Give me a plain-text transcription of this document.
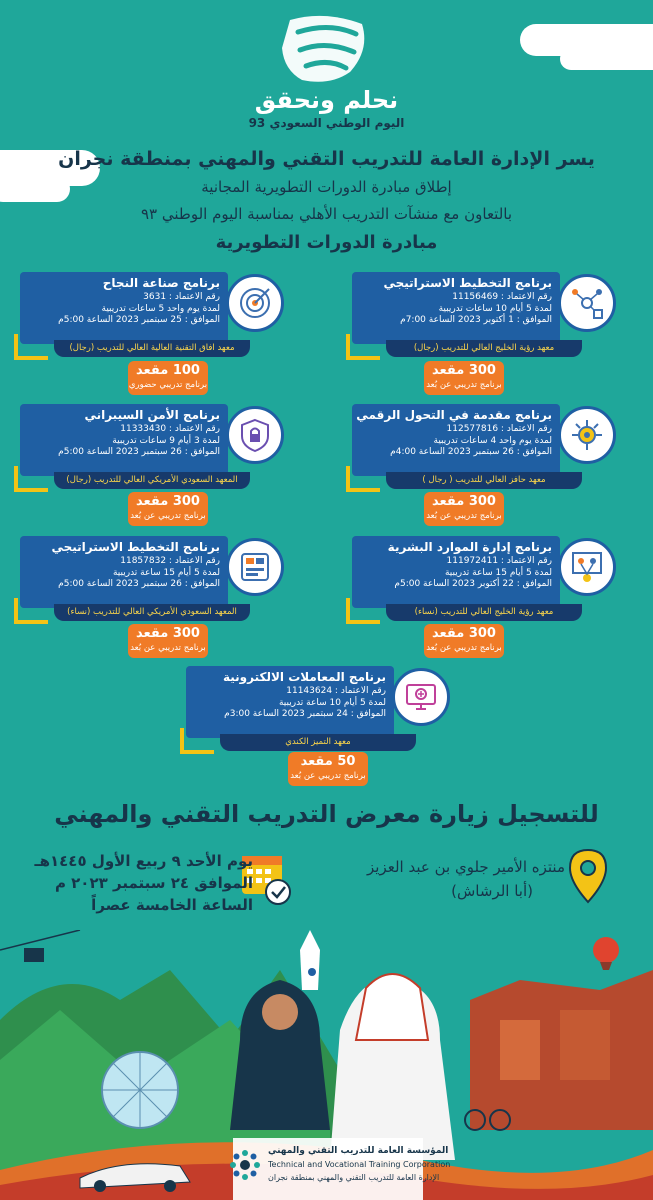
نحلم ونحقق
اليوم الوطني السعودي 93
يسر الإدارة العامة للتدريب التقني والمهني بمنطقة نجران
إطلاق مبادرة الدورات التطويرية المجانية
بالتعاون مع منشآت التدريب الأهلي بمناسبة اليوم الوطني ٩٣
مبادرة الدورات التطويرية
برنامج التخطيط الاستراتيجي
رقم الاعتماد : 11156469
لمدة 5 أيام 10 ساعات تدريبية
الموافق : 1 أكتوبر 2023 الساعة 7:00م
معهد رؤية الخليج العالي للتدريب (رجال)
300 مقعد
برنامج تدريبي عن بُعد
برنامج صناعة النجاح
رقم الاعتماد : 3631
لمدة يوم واحد 5 ساعات تدريبية
الموافق : 25 سبتمبر 2023 الساعة 5:00م
معهد افاق التقنية العالية العالي للتدريب (رجال)
100 مقعد
برنامج تدريبي حضوري
برنامج مقدمة في التحول الرقمي
رقم الاعتماد : 112577816
لمدة يوم واحد 4 ساعات تدريبية
الموافق : 26 سبتمبر 2023 الساعة 4:00م
معهد حافز العالي للتدريب ( رجال )
300 مقعد
برنامج تدريبي عن بُعد
برنامج الأمن السيبراني
رقم الاعتماد : 11333430
لمدة 3 أيام 9 ساعات تدريبية
الموافق : 26 سبتمبر 2023 الساعة 5:00م
المعهد السعودي الأمريكي العالي للتدريب (رجال)
300 مقعد
برنامج تدريبي عن بُعد
برنامج إدارة الموارد البشرية
رقم الاعتماد : 111972411
لمدة 5 أيام 15 ساعة تدريبية
الموافق : 22 أكتوبر 2023 الساعة 5:00م
معهد رؤية الخليج العالي للتدريب (نساء)
300 مقعد
برنامج تدريبي عن بُعد
برنامج التخطيط الاستراتيجي
رقم الاعتماد : 11857832
لمدة 5 أيام 15 ساعة تدريبية
الموافق : 26 سبتمبر 2023 الساعة 5:00م
المعهد السعودي الأمريكي العالي للتدريب (نساء)
300 مقعد
برنامج تدريبي عن بُعد
برنامج المعاملات الالكترونية
رقم الاعتماد : 11143624
لمدة 5 أيام 10 ساعة تدريبية
الموافق : 24 سبتمبر 2023 الساعة 3:00م
معهد التميز الكندي
50 مقعد
برنامج تدريبي عن بُعد
للتسجيل زيارة معرض التدريب التقني والمهني
يوم الأحد ٩ ربيع الأول ١٤٤٥هـ
الموافق ٢٤ سبتمبر ٢٠٢٣ م
الساعة الخامسة عصراً
منتزه الأمير جلوي بن عبد العزيز
(أبا الرشاش)
المؤسسة العامة للتدريب التقني والمهني
Technical and Vocational Training Corporation
الإدارة العامة للتدريب التقني والمهني بمنطقة نجران
